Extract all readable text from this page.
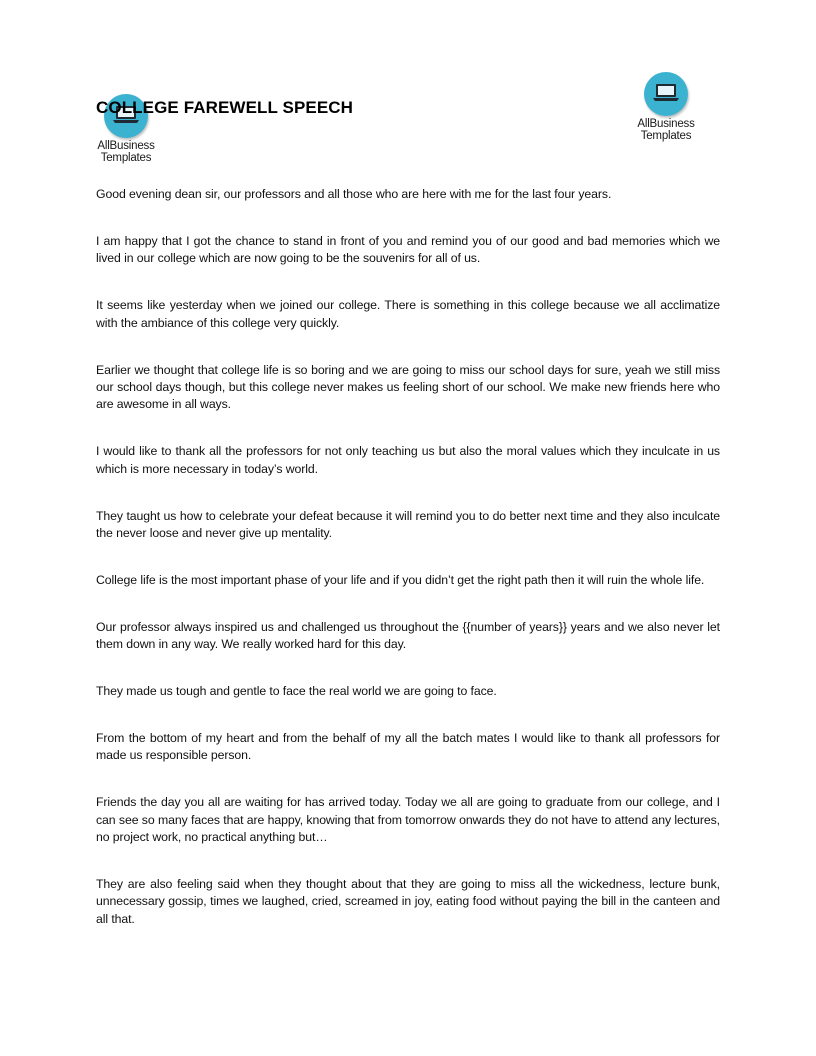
AllBusiness
Templates
AllBusiness
Templates
COLLEGE FAREWELL SPEECH

Good evening dean sir, our professors and all those who are here with me for the last four years.

I am happy that I got the chance to stand in front of you and remind you of our good and bad memories which we lived in our college which are now going to be the souvenirs for all of us.

It seems like yesterday when we joined our college. There is something in this college because we all acclimatize with the ambiance of this college very quickly.

Earlier we thought that college life is so boring and we are going to miss our school days for sure, yeah we still miss our school days though, but this college never makes us feeling short of our school. We make new friends here who are awesome in all ways.

I would like to thank all the professors for not only teaching us but also the moral values which they inculcate in us which is more necessary in today’s world.

They taught us how to celebrate your defeat because it will remind you to do better next time and they also inculcate the never loose and never give up mentality.

College life is the most important phase of your life and if you didn’t get the right path then it will ruin the whole life.

Our professor always inspired us and challenged us throughout the {{number of years}} years and we also never let them down in any way. We really worked hard for this day.

They made us tough and gentle to face the real world we are going to face.

From the bottom of my heart and from the behalf of my all the batch mates I would like to thank all professors for made us responsible person.

Friends the day you all are waiting for has arrived today. Today we all are going to graduate from our college, and I can see so many faces that are happy, knowing that from tomorrow onwards they do not have to attend any lectures, no project work, no practical anything but…

They are also feeling said when they thought about that they are going to miss all the wickedness, lecture bunk, unnecessary gossip, times we laughed, cried, screamed in joy, eating food without paying the bill in the canteen and all that.
